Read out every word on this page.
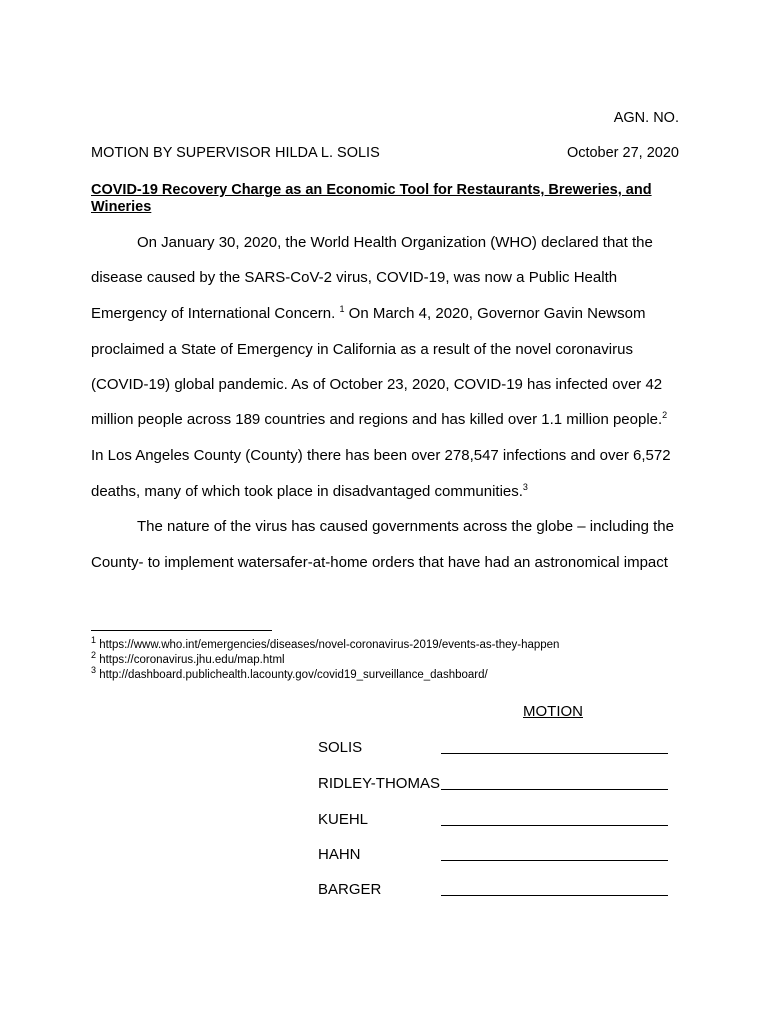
AGN. NO.
MOTION BY SUPERVISOR HILDA L. SOLIS	October 27, 2020
COVID-19 Recovery Charge as an Economic Tool for Restaurants, Breweries, and Wineries
On January 30, 2020, the World Health Organization (WHO) declared that the
disease caused by the SARS-CoV-2 virus, COVID-19, was now a Public Health
Emergency of International Concern. $^1$ On March 4, 2020, Governor Gavin Newsom
proclaimed a State of Emergency in California as a result of the novel coronavirus
(COVID-19) global pandemic. As of October 23, 2020, COVID-19 has infected over 42
million people across 189 countries and regions and has killed over 1.1 million people.$^2$
In Los Angeles County (County) there has been over 278,547 infections and over 6,572
deaths, many of which took place in disadvantaged communities.$^3$
The nature of the virus has caused governments across the globe – including the
County- to implement watersafer-at-home orders that have had an astronomical impact
$^1$ https://www.who.int/emergencies/diseases/novel-coronavirus-2019/events-as-they-happen
$^2$ https://coronavirus.jhu.edu/map.html
$^3$ http://dashboard.publichealth.lacounty.gov/covid19_surveillance_dashboard/
MOTION
SOLIS
RIDLEY-THOMAS
KUEHL
HAHN
BARGER
